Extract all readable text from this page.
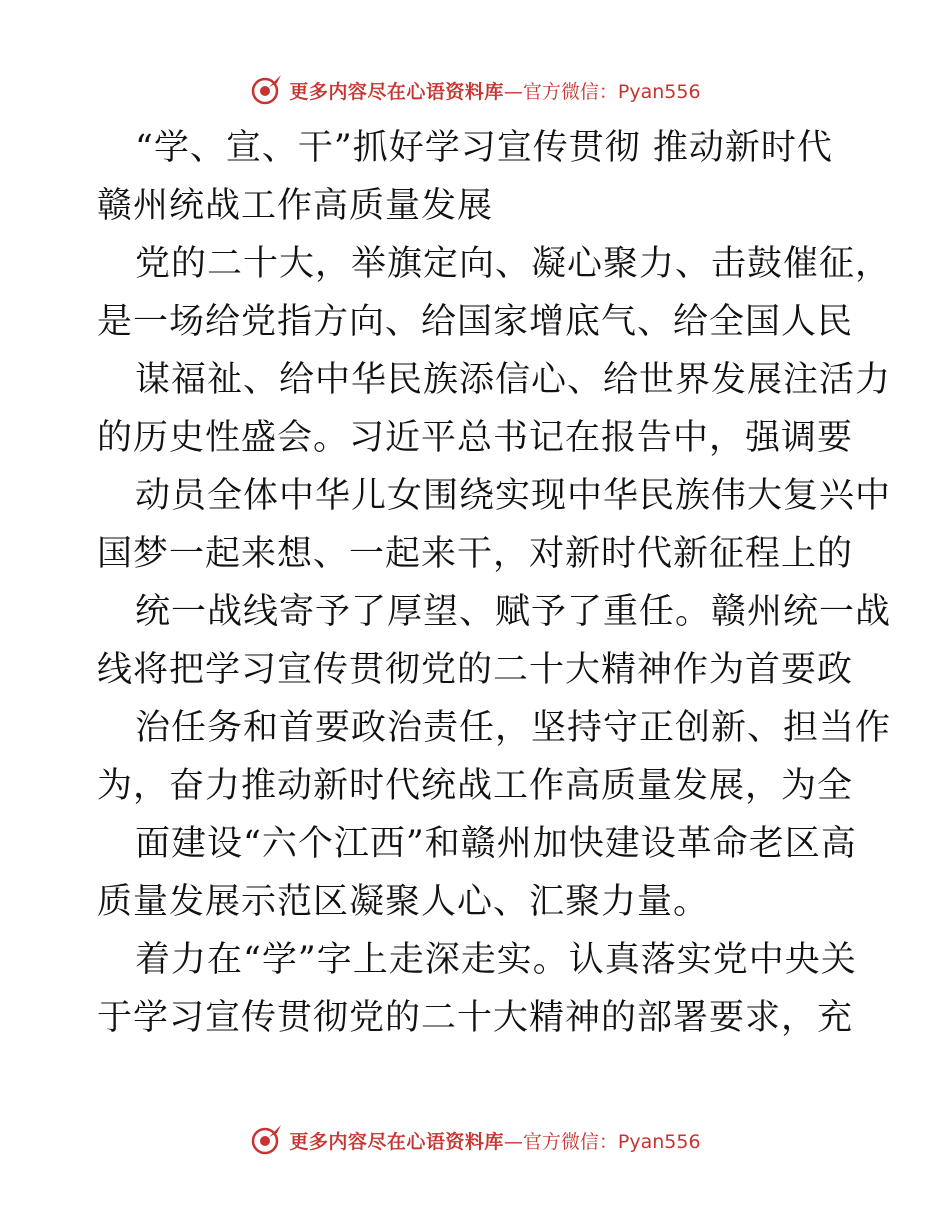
更多内容尽在心语资料库 —官方微信：Pyan556
“学、宣、干”抓好学习宣传贯彻 推动新时代
赣州统战工作高质量发展
党的二十大，举旗定向、凝心聚力、击鼓催征，
是一场给党指方向、给国家增底气、给全国人民
谋福祉、给中华民族添信心、给世界发展注活力
的历史性盛会。习近平总书记在报告中，强调要
动员全体中华儿女围绕实现中华民族伟大复兴中
国梦一起来想、一起来干，对新时代新征程上的
统一战线寄予了厚望、赋予了重任。赣州统一战
线将把学习宣传贯彻党的二十大精神作为首要政
治任务和首要政治责任，坚持守正创新、担当作
为，奋力推动新时代统战工作高质量发展，为全
面建设“六个江西”和赣州加快建设革命老区高
质量发展示范区凝聚人心、汇聚力量。
着力在“学”字上走深走实。认真落实党中央关
于学习宣传贯彻党的二十大精神的部署要求，充
更多内容尽在心语资料库 —官方微信：Pyan556
